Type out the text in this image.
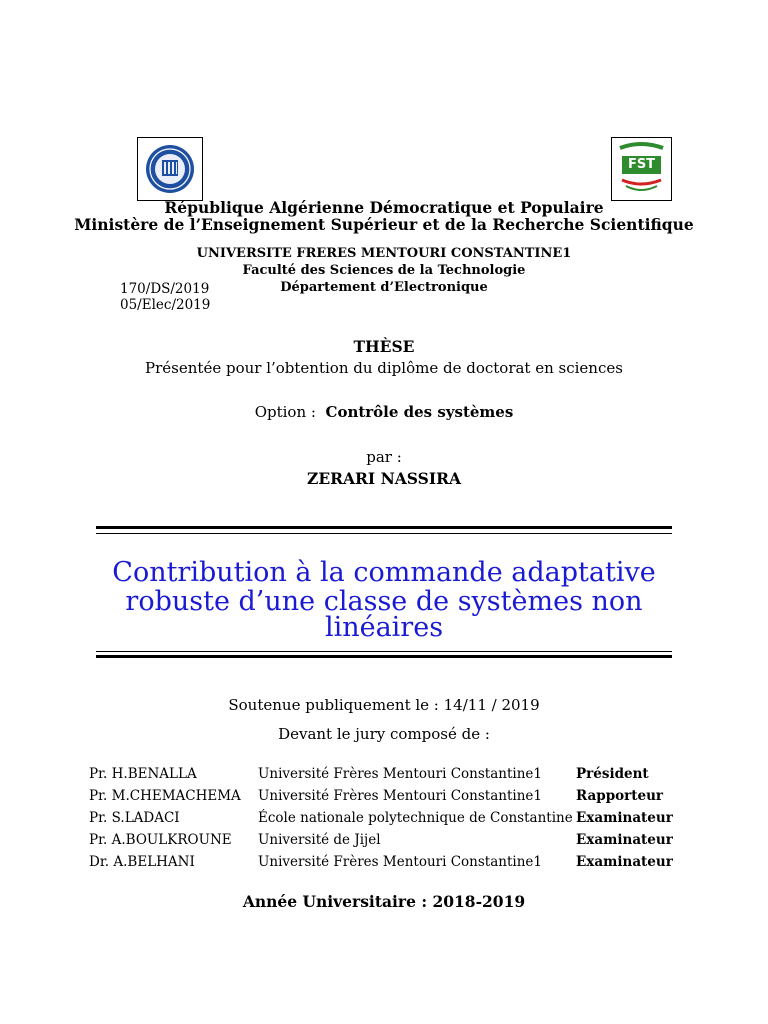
FST
République Algérienne Démocratique et Populaire
Ministère de l’Enseignement Supérieur et de la Recherche Scientifique
UNIVERSITE FRERES MENTOURI CONSTANTINE1
Faculté des Sciences de la Technologie
Département d’Electronique
170/DS/2019
05/Elec/2019
THÈSE
Présentée pour l’obtention du diplôme de doctorat en sciences
Option : Contrôle des systèmes
par :
ZERARI NASSIRA
Contribution à la commande adaptative
robuste d’une classe de systèmes non
linéaires
Soutenue publiquement le : 14/11 / 2019
Devant le jury composé de :
Pr. H.BENALLA	Université Frères Mentouri Constantine1	Président
Pr. M.CHEMACHEMA Université Frères Mentouri Constantine1	Rapporteur
Pr. S.LADACI	École nationale polytechnique de Constantine Examinateur
Pr. A.BOULKROUNE Université de Jijel	Examinateur
Dr. A.BELHANI	Université Frères Mentouri Constantine1	Examinateur
Année Universitaire : 2018-2019
